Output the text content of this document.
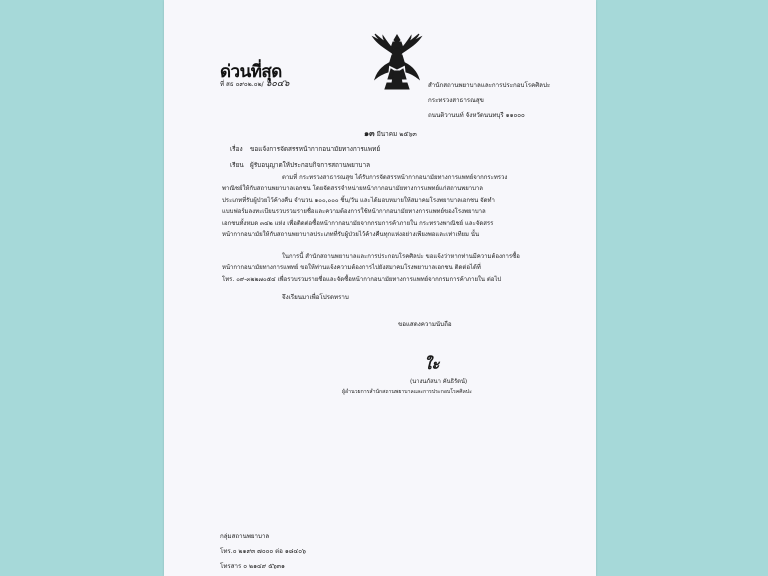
ด่วนที่สุด
ที่ สธ ๐๙๐๒.๐๒/ ๖๐๔๖	สำนักสถานพยาบาลและการประกอบโรคศิลปะ
กระทรวงสาธารณสุข
ถนนติวานนท์ จังหวัดนนทบุรี ๑๑๐๐๐
๑๓ มีนาคม ๒๕๖๓
เรื่อง ขอแจ้งการจัดสรรหน้ากากอนามัยทางการแพทย์
เรียน ผู้รับอนุญาตให้ประกอบกิจการสถานพยาบาล
ตามที่ กระทรวงสาธารณสุข ได้รับการจัดสรรหน้ากากอนามัยทางการแพทย์จากกระทรวง
พาณิชย์ให้กับสถานพยาบาลเอกชน โดยจัดสรรจำหน่ายหน้ากากอนามัยทางการแพทย์แก่สถานพยาบาล
ประเภทที่รับผู้ป่วยไว้ค้างคืน จำนวน ๑๐๐,๐๐๐ ชิ้น/วัน และได้มอบหมายให้สมาคมโรงพยาบาลเอกชน จัดทำ
แบบฟอร์มลงทะเบียนรวบรวมรายชื่อและความต้องการใช้หน้ากากอนามัยทางการแพทย์ของโรงพยาบาล
เอกชนทั้งหมด ๓๔๒ แห่ง เพื่อติดต่อซื้อหน้ากากอนามัยจากกรมการค้าภายใน กระทรวงพาณิชย์ และจัดสรร
หน้ากากอนามัยให้กับสถานพยาบาลประเภทที่รับผู้ป่วยไว้ค้างคืนทุกแห่งอย่างเพียงพอและเท่าเทียม นั้น
ในการนี้ สำนักสถานพยาบาลและการประกอบโรคศิลปะ ขอแจ้งว่าหากท่านมีความต้องการซื้อ
หน้ากากอนามัยทางการแพทย์ ขอให้ท่านแจ้งความต้องการไปยังสมาคมโรงพยาบาลเอกชน ติดต่อได้ที่
โทร. ๐๙-๓๒๒๗๐๕๔ เพื่อรวบรวมรายชื่อและจัดซื้อหน้ากากอนามัยทางการแพทย์จากกรมการค้าภายใน ต่อไป
จึงเรียนมาเพื่อโปรดทราบ
ขอแสดงความนับถือ
ใะ
(นางนภัสนา คันธิรัตน์)
ผู้อำนวยการสำนักสถานพยาบาลและการประกอบโรคศิลปะ
กลุ่มสถานพยาบาล
โทร.๐ ๒๑๙๓ ๗๐๐๐ ต่อ ๑๘๔๐๖
โทรสาร ๐ ๒๑๔๙ ๕๖๓๑
